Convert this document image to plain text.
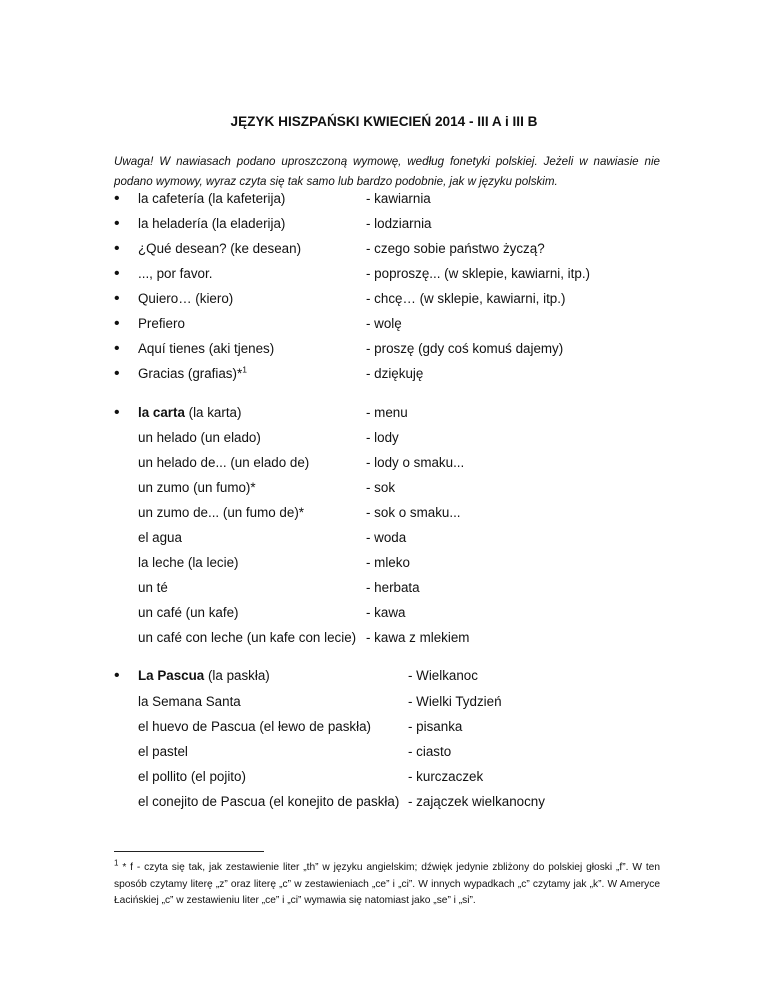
JĘZYK HISZPAŃSKI KWIECIEŃ 2014 - III A i III B
Uwaga! W nawiasach podano uproszczoną wymowę, według fonetyki polskiej. Jeżeli w nawiasie nie podano wymowy, wyraz czyta się tak samo lub bardzo podobnie, jak w języku polskim.
• la cafetería (la kafeterija)	- kawiarnia
• la heladería (la eladerija)	- lodziarnia
• ¿Qué desean? (ke desean)	- czego sobie państwo życzą?
• ..., por favor.	- poproszę... (w sklepie, kawiarni, itp.)
• Quiero… (kiero)	- chcę… (w sklepie, kawiarni, itp.)
• Prefiero	- wolę
• Aquí tienes (aki tjenes)	- proszę (gdy coś komuś dajemy)
• Gracias (grafias)*$^1$	- dziękuję
• la carta (la karta)	- menu
un helado (un elado)	- lody
un helado de... (un elado de)	- lody o smaku...
un zumo (un fumo)*	- sok
un zumo de... (un fumo de)*	- sok o smaku...
el agua	- woda
la leche (la lecie)	- mleko
un té	- herbata
un café (un kafe)	- kawa
un café con leche (un kafe con lecie) - kawa z mlekiem
• La Pascua (la paskła)	- Wielkanoc
la Semana Santa	- Wielki Tydzień
el huevo de Pascua (el łewo de paskła)	- pisanka
el pastel	- ciasto
el pollito (el pojito)	- kurczaczek
el conejito de Pascua (el konejito de paskła) - zajączek wielkanocny
$^1$ * f - czyta się tak, jak zestawienie liter „th” w języku angielskim; dźwięk jedynie zbliżony do polskiej głoski „f”. W ten sposób czytamy literę „z” oraz literę „c” w zestawieniach „ce” i „ci”. W innych wypadkach „c” czytamy jak „k”. W Ameryce Łacińskiej „c” w zestawieniu liter „ce” i „ci” wymawia się natomiast jako „se” i „si”.
